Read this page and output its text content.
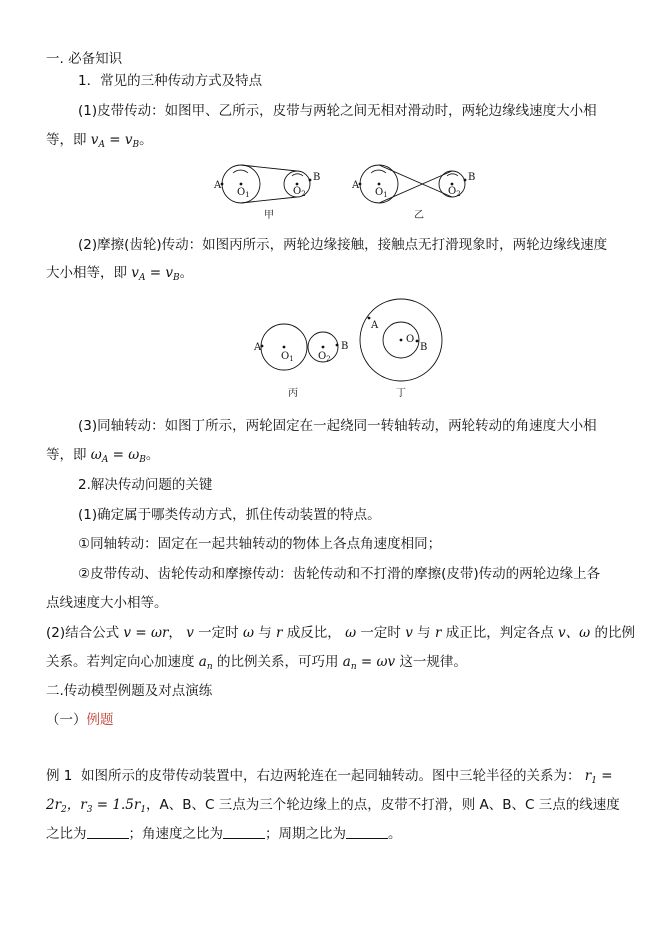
一. 必备知识
1．常见的三种传动方式及特点
(1)皮带传动：如图甲、乙所示，皮带与两轮之间无相对滑动时，两轮边缘线速度大小相
等，即 $v_A = v_B$。
A
B
$O_1$	$O_2$
甲
A
B
$O_1$	$O_2$
乙
(2)摩擦(齿轮)传动：如图丙所示，两轮边缘接触，接触点无打滑现象时，两轮边缘线速度
大小相等，即 $v_A = v_B$。
A	B
$O_1$ $O_2$
丙
A
B
O
丁
(3)同轴转动：如图丁所示，两轮固定在一起绕同一转轴转动，两轮转动的角速度大小相
等，即 $\omega_A = \omega_B$。
2.解决传动问题的关键
(1)确定属于哪类传动方式，抓住传动装置的特点。
①同轴转动：固定在一起共轴转动的物体上各点角速度相同；
②皮带传动、齿轮传动和摩擦传动：齿轮传动和不打滑的摩擦(皮带)传动的两轮边缘上各
点线速度大小相等。
(2)结合公式 v = ωr， v 一定时 ω 与 r 成反比， ω 一定时 v 与 r 成正比，判定各点 v、ω 的比例
关系。若判定向心加速度 $a_n$ 的比例关系，可巧用 $a_n = \omega v$ 这一规律。
二.传动模型例题及对点演练
（一）例题
例 1 如图所示的皮带传动装置中，右边两轮连在一起同轴转动。图中三轮半径的关系为： $r_1$ =
$2r_2$，$r_3 = 1.5r_1$，A、B、C 三点为三个轮边缘上的点，皮带不打滑，则 A、B、C 三点的线速度
之比为	；角速度之比为	；周期之比为	。
